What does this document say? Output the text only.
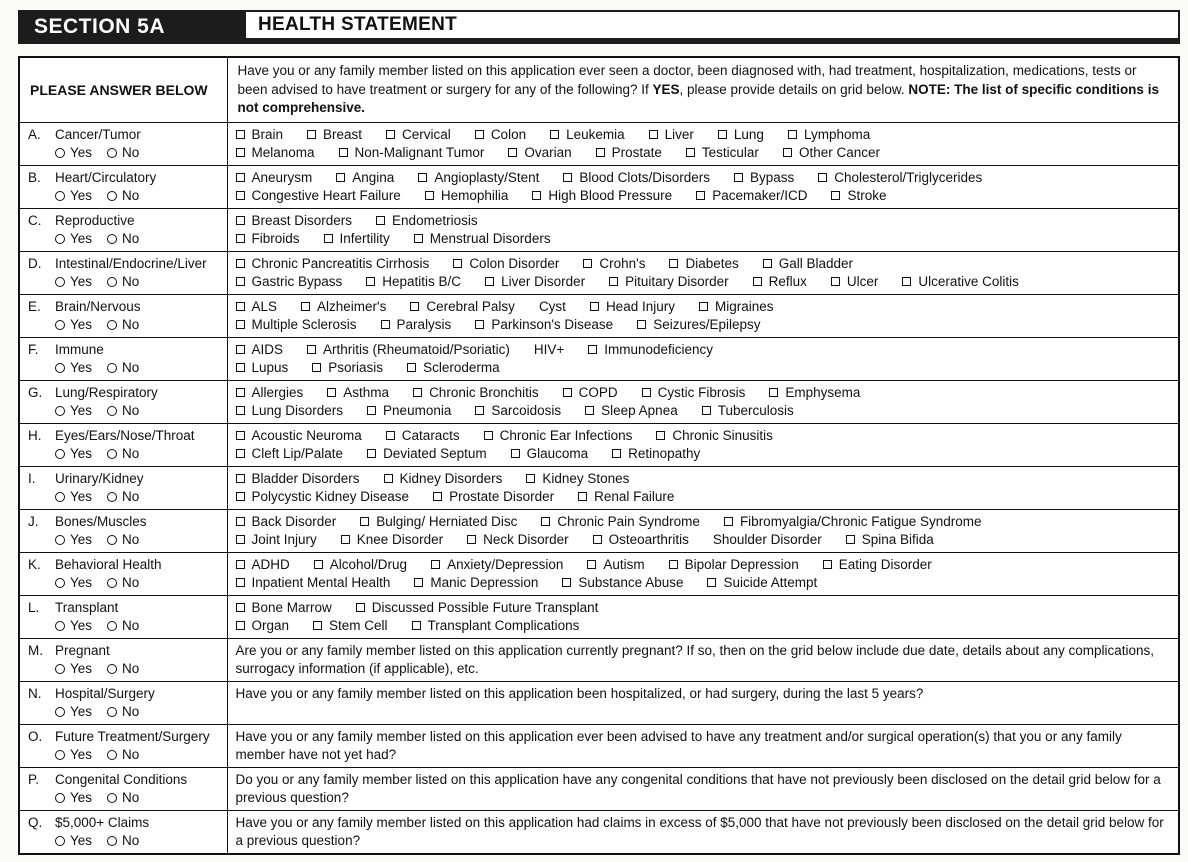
SECTION 5A	HEALTH STATEMENT
PLEASE ANSWER BELOW	Have you or any family member listed on this application ever seen a doctor, been diagnosed with, had treatment, hospitalization, medications, tests or been advised to have treatment or surgery for any of the following? If YES, please provide details on grid below. NOTE: The list of specific conditions is not comprehensive.

A.	Cancer/Tumor
Yes	No

Brain	Breast	Cervical	Colon	Leukemia	Liver	Lung	Lymphoma
Melanoma	Non-Malignant Tumor	Ovarian	Prostate	Testicular	Other Cancer

B.	Heart/Circulatory
Yes	No

Aneurysm	Angina	Angioplasty/Stent	Blood Clots/Disorders	Bypass	Cholesterol/Triglycerides
Congestive Heart Failure	Hemophilia	High Blood Pressure	Pacemaker/ICD	Stroke

C.	Reproductive
Yes	No

Breast Disorders	Endometriosis
Fibroids	Infertility	Menstrual Disorders

D.	Intestinal/Endocrine/Liver
Yes	No

Chronic Pancreatitis Cirrhosis	Colon Disorder	Crohn's	Diabetes	Gall Bladder
Gastric Bypass	Hepatitis B/C	Liver Disorder	Pituitary Disorder	Reflux	Ulcer	Ulcerative Colitis

E.	Brain/Nervous
Yes	No

ALS	Alzheimer's	Cerebral Palsy Cyst	Head Injury	Migraines
Multiple Sclerosis	Paralysis	Parkinson's Disease	Seizures/Epilepsy

F.	Immune
Yes	No

AIDS	Arthritis (Rheumatoid/Psoriatic) HIV+	Immunodeficiency
Lupus	Psoriasis	Scleroderma

G. Lung/Respiratory
Yes	No

Allergies	Asthma	Chronic Bronchitis	COPD	Cystic Fibrosis	Emphysema
Lung Disorders	Pneumonia	Sarcoidosis	Sleep Apnea	Tuberculosis

H.	Eyes/Ears/Nose/Throat
Yes	No

Acoustic Neuroma	Cataracts	Chronic Ear Infections	Chronic Sinusitis
Cleft Lip/Palate	Deviated Septum	Glaucoma	Retinopathy

I.	Urinary/Kidney
Yes	No

Bladder Disorders	Kidney Disorders	Kidney Stones
Polycystic Kidney Disease	Prostate Disorder	Renal Failure

J.	Bones/Muscles
Yes	No

Back Disorder	Bulging/ Herniated Disc	Chronic Pain Syndrome	Fibromyalgia/Chronic Fatigue Syndrome
Joint Injury	Knee Disorder	Neck Disorder	Osteoarthritis Shoulder Disorder	Spina Bifida

K.	Behavioral Health
Yes	No

ADHD	Alcohol/Drug	Anxiety/Depression	Autism	Bipolar Depression	Eating Disorder
Inpatient Mental Health	Manic Depression	Substance Abuse	Suicide Attempt

L.	Transplant
Yes	No

Bone Marrow	Discussed Possible Future Transplant
Organ	Stem Cell	Transplant Complications

M. Pregnant
Yes No	Are you or any family member listed on this application currently pregnant? If so, then on the grid below include due date, details about any complications, surrogacy information (if applicable), etc.

N. Hospital/Surgery
Yes No	Have you or any family member listed on this application been hospitalized, or had surgery, during the last 5 years?

O. Future Treatment/Surgery
Yes No	Have you or any family member listed on this application ever been advised to have any treatment and/or surgical operation(s) that you or any family member have not yet had?

P. Congenital Conditions
Yes No	Do you or any family member listed on this application have any congenital conditions that have not previously been disclosed on the detail grid below for a previous question?

Q. $5,000+ Claims
Yes No	Have you or any family member listed on this application had claims in excess of $5,000 that have not previously been disclosed on the detail grid below for a previous question?
